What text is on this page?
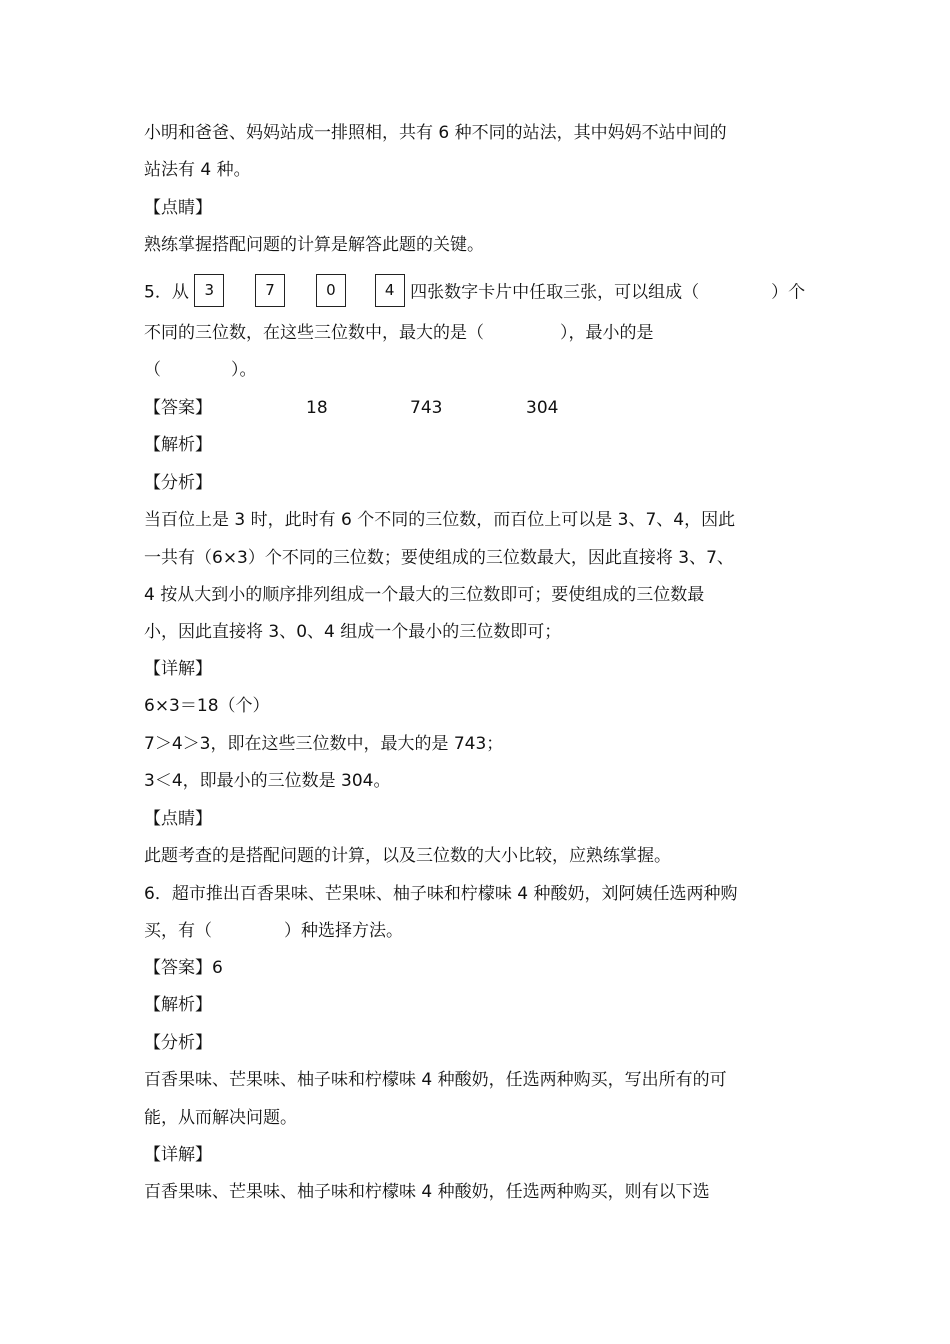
小明和爸爸、妈妈站成一排照相，共有 6 种不同的站法，其中妈妈不站中间的
站法有 4 种。
【点睛】
熟练掌握搭配问题的计算是解答此题的关键。
5．从 3	7	0	4 四张数字卡片中任取三张，可以组成（	）个
不同的三位数，在这些三位数中，最大的是（	），最小的是
（	）。
【答案】	18	743	304
【解析】
【分析】
当百位上是 3 时，此时有 6 个不同的三位数，而百位上可以是 3、7、4，因此
一共有（6×3）个不同的三位数；要使组成的三位数最大，因此直接将 3、7、
4 按从大到小的顺序排列组成一个最大的三位数即可；要使组成的三位数最
小，因此直接将 3、0、4 组成一个最小的三位数即可；
【详解】
6×3＝18（个）
7＞4＞3，即在这些三位数中，最大的是 743；
3＜4，即最小的三位数是 304。
【点睛】
此题考查的是搭配问题的计算，以及三位数的大小比较，应熟练掌握。
6．超市推出百香果味、芒果味、柚子味和柠檬味 4 种酸奶，刘阿姨任选两种购
买，有（	）种选择方法。
【答案】6
【解析】
【分析】
百香果味、芒果味、柚子味和柠檬味 4 种酸奶，任选两种购买，写出所有的可
能，从而解决问题。
【详解】
百香果味、芒果味、柚子味和柠檬味 4 种酸奶，任选两种购买，则有以下选
